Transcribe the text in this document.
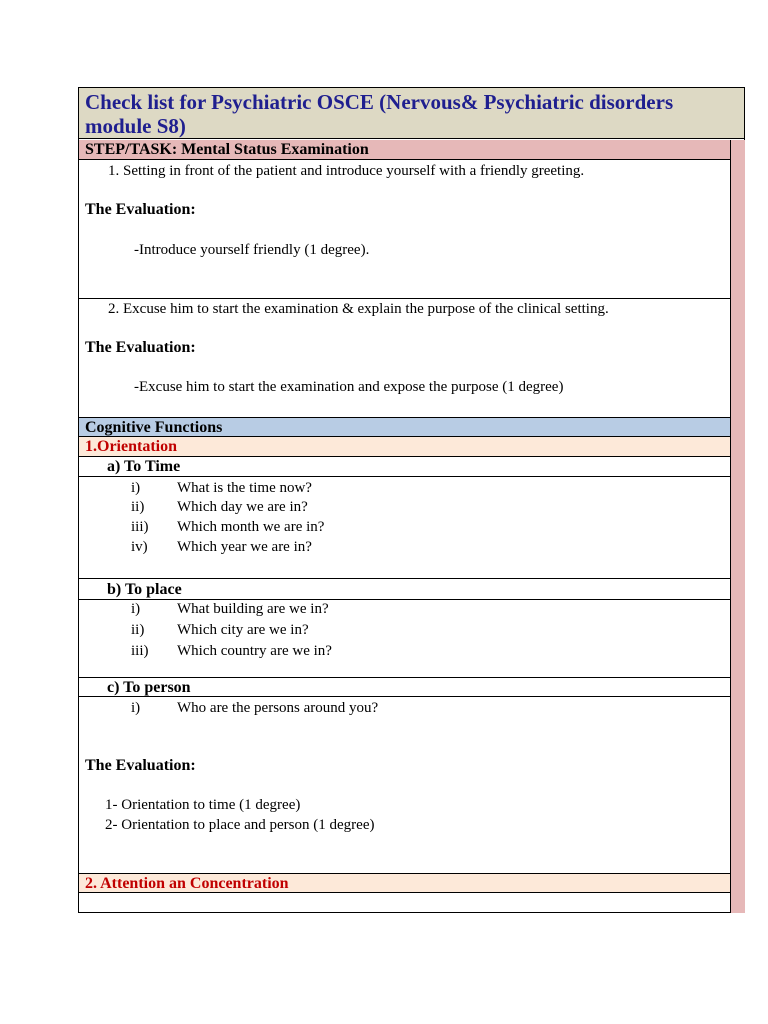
Check list for Psychiatric OSCE (Nervous& Psychiatric disorders module S8)
STEP/TASK: Mental Status Examination
1. Setting in front of the patient and introduce yourself with a friendly greeting.
The Evaluation:
-Introduce yourself friendly (1 degree).
2. Excuse him to start the examination & explain the purpose of the clinical setting.
The Evaluation:
-Excuse him to start the examination and expose the purpose (1 degree)
Cognitive Functions
1.Orientation
a) To Time
i) What is the time now?
ii) Which day we are in?
iii) Which month we are in?
iv) Which year we are in?
b) To place
i) What building are we in?
ii) Which city are we in?
iii) Which country are we in?
c) To person
i) Who are the persons around you?
The Evaluation:
1- Orientation to time (1 degree)
2- Orientation to place and person (1 degree)
2. Attention an Concentration
